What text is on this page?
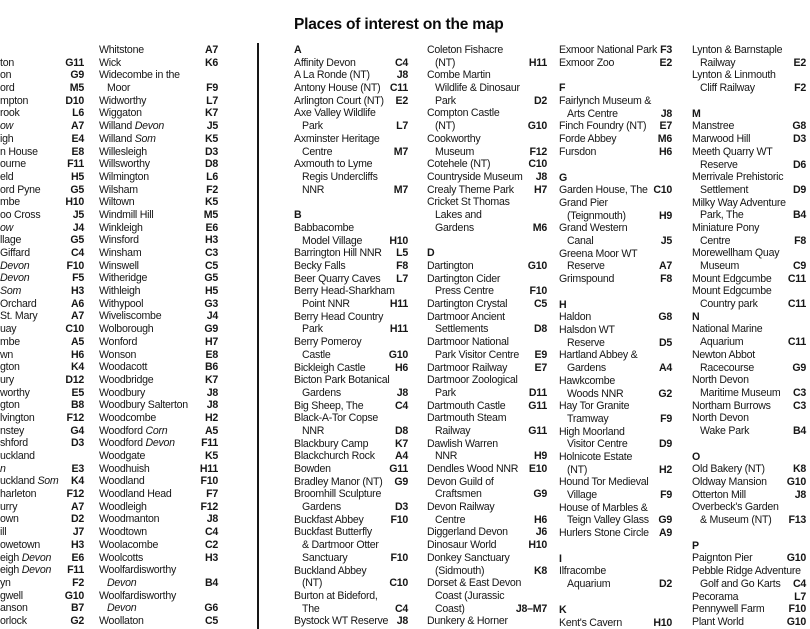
Places of interest on the map
ton	G11
on	G9
ord	M5
mpton	D10
rook	L6
ow	A7
igh	E4
n House	E8
ourne	F11
eld	H5
ord Pyne	G5
mbe	H10
oo Cross	J5
ow	J4
llage	G5
Giffard	C4
Devon	F10
Devon	F5
Som	H3
Orchard	A6
St. Mary	A7
uay	C10
mbe	A5
wn	H6
gton	K4
ury	D12
worthy	E5
gton	B8
lvington	F12
nstey	G4
shford	D3
uckland
n	E3
uckland Som K4
harleton	F12
urry	A7
own	D2
ill	J7
owetown	H3
eigh Devon E6
eigh Devon F11
yn	F2
gwell	G10
anson	B7
orlock	G2
Whitstone	A7
Wick	K6
Widecombe in the
Moor	F9
Widworthy	L7
Wiggaton	K7
Willand Devon	J5
Willand Som	K5
Willesleigh	D3
Willsworthy	D8
Wilmington	L6
Wilsham	F2
Wiltown	K5
Windmill Hill	M5
Winkleigh	E6
Winsford	H3
Winsham	C3
Winswell	C5
Witheridge	G5
Withleigh	H5
Withypool	G3
Wiveliscombe	J4
Wolborough	G9
Wonford	H7
Wonson	E8
Woodacott	B6
Woodbridge	K7
Woodbury	J8
Woodbury Salterton J8
Woodcombe	H2
Woodford Corn	A5
Woodford Devon F11
Woodgate	K5
Woodhuish	H11
Woodland	F10
Woodland Head	F7
Woodleigh	F12
Woodmanton	J8
Woodtown	C4
Woolacombe	C2
Woolcotts	H3
Woolfardisworthy
Devon	B4
Woolfardisworthy
Devon	G6
Woollaton	C5
A
Affinity Devon	C4
A La Ronde (NT)	J8
Antony House (NT) C11
Arlington Court (NT) E2
Axe Valley Wildlife
Park	L7
Axminster Heritage
Centre	M7
Axmouth to Lyme
Regis Undercliffs
NNR	M7
B
Babbacombe
Model Village	H10
Barrington Hill NNR L5
Becky Falls	F8
Beer Quarry Caves L7
Berry Head-Sharkham
Point NNR	H11
Berry Head Country
Park	H11
Berry Pomeroy
Castle	G10
Bickleigh Castle	H6
Bicton Park Botanical
Gardens	J8
Big Sheep, The	C4
Black-A-Tor Copse
NNR	D8
Blackbury Camp	K7
Blackchurch Rock A4
Bowden	G11
Bradley Manor (NT) G9
Broomhill Sculpture
Gardens	D3
Buckfast Abbey	F10
Buckfast Butterfly
& Dartmoor Otter
Sanctuary	F10
Buckland Abbey
(NT)	C10
Burton at Bideford,
The	C4
Bystock WT Reserve J8
Coleton Fishacre
(NT)	H11
Combe Martin
Wildlife & Dinosaur
Park	D2
Compton Castle
(NT)	G10
Cookworthy
Museum	F12
Cotehele (NT)	C10
Countryside Museum J8
Crealy Theme Park H7
Cricket St Thomas
Lakes and
Gardens	M6
D
Dartington	G10
Dartington Cider
Press Centre	F10
Dartington Crystal	C5
Dartmoor Ancient
Settlements	D8
Dartmoor National
Park Visitor Centre E9
Dartmoor Railway	E7
Dartmoor Zoological
Park	D11
Dartmouth Castle G11
Dartmouth Steam
Railway	G11
Dawlish Warren
NNR	H9
Dendles Wood NNR E10
Devon Guild of
Craftsmen	G9
Devon Railway
Centre	H6
Diggerland Devon	J6
Dinosaur World	H10
Donkey Sanctuary
(Sidmouth)	K8
Dorset & East Devon
Coast (Jurassic
Coast)	J8–M7
Dunkery & Horner
Exmoor National Park F3
Exmoor Zoo	E2
F
Fairlynch Museum &
Arts Centre	J8
Finch Foundry (NT) E7
Forde Abbey	M6
Fursdon	H6
G
Garden House, The C10
Grand Pier
(Teignmouth)	H9
Grand Western
Canal	J5
Greena Moor WT
Reserve	A7
Grimspound	F8
H
Haldon	G8
Halsdon WT
Reserve	D5
Hartland Abbey &
Gardens	A4
Hawkcombe
Woods NNR	G2
Hay Tor Granite
Tramway	F9
High Moorland
Visitor Centre	D9
Holnicote Estate
(NT)	H2
Hound Tor Medieval
Village	F9
House of Marbles &
Teign Valley Glass G9
Hurlers Stone Circle A9
I
Ilfracombe
Aquarium	D2
K
Kent's Cavern	H10
Lynton & Barnstaple
Railway	E2
Lynton & Linmouth
Cliff Railway	F2
M
Manstree	G8
Marwood Hill	D3
Meeth Quarry WT
Reserve	D6
Merrivale Prehistoric
Settlement	D9
Milky Way Adventure
Park, The	B4
Miniature Pony
Centre	F8
Morewellham Quay
Museum	C9
Mount Edgcumbe C11
Mount Edgcumbe
Country park	C11
N
National Marine
Aquarium	C11
Newton Abbot
Racecourse	G9
North Devon
Maritime Museum C3
Northam Burrows C3
North Devon
Wake Park	B4
O
Old Bakery (NT)	K8
Oldway Mansion G10
Otterton Mill	J8
Overbeck's Garden
& Museum (NT) F13
P
Paignton Pier	G10
Pebble Ridge Adventure
Golf and Go Karts C4
Pecorama	L7
Pennywell Farm F10
Plant World	G10
